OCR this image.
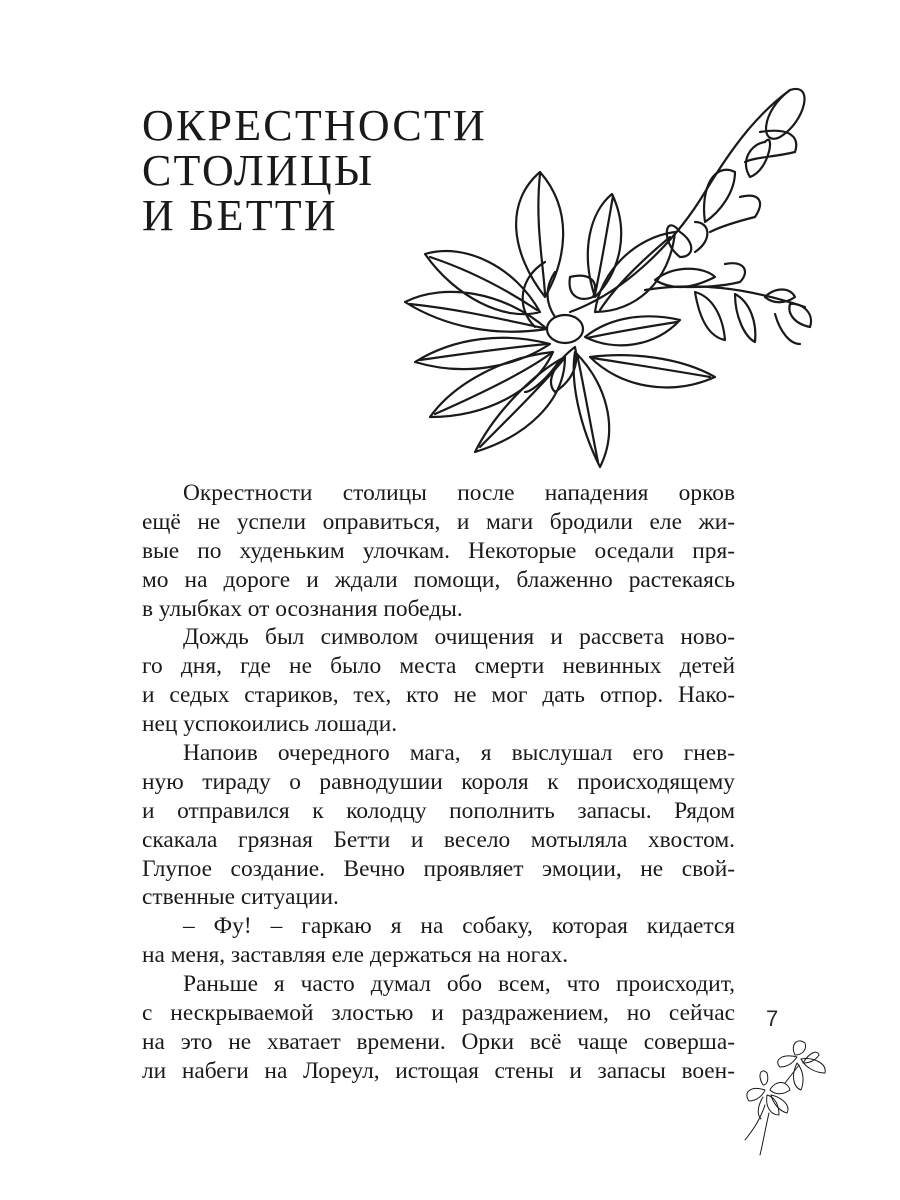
ОКРЕСТНОСТИ
СТОЛИЦЫ
И БЕТТИ
Окрестности столицы после нападения орков
ещё не успели оправиться, и маги бродили еле жи-
вые по худеньким улочкам. Некоторые оседали пря-
мо на дороге и ждали помощи, блаженно растекаясь
в улыбках от осознания победы.
Дождь был символом очищения и рассвета ново-
го дня, где не было места смерти невинных детей
и седых стариков, тех, кто не мог дать отпор. Нако-
нец успокоились лошади.
Напоив очередного мага, я выслушал его гнев-
ную тираду о равнодушии короля к происходящему
и отправился к колодцу пополнить запасы. Рядом
скакала грязная Бетти и весело мотыляла хвостом.
Глупое создание. Вечно проявляет эмоции, не свой-
ственные ситуации.
– Фу! – гаркаю я на собаку, которая кидается
на меня, заставляя еле держаться на ногах.
Раньше я часто думал обо всем, что происходит,
с нескрываемой злостью и раздражением, но сейчас
на это не хватает времени. Орки всё чаще соверша-
ли набеги на Лореул, истощая стены и запасы воен-
7
